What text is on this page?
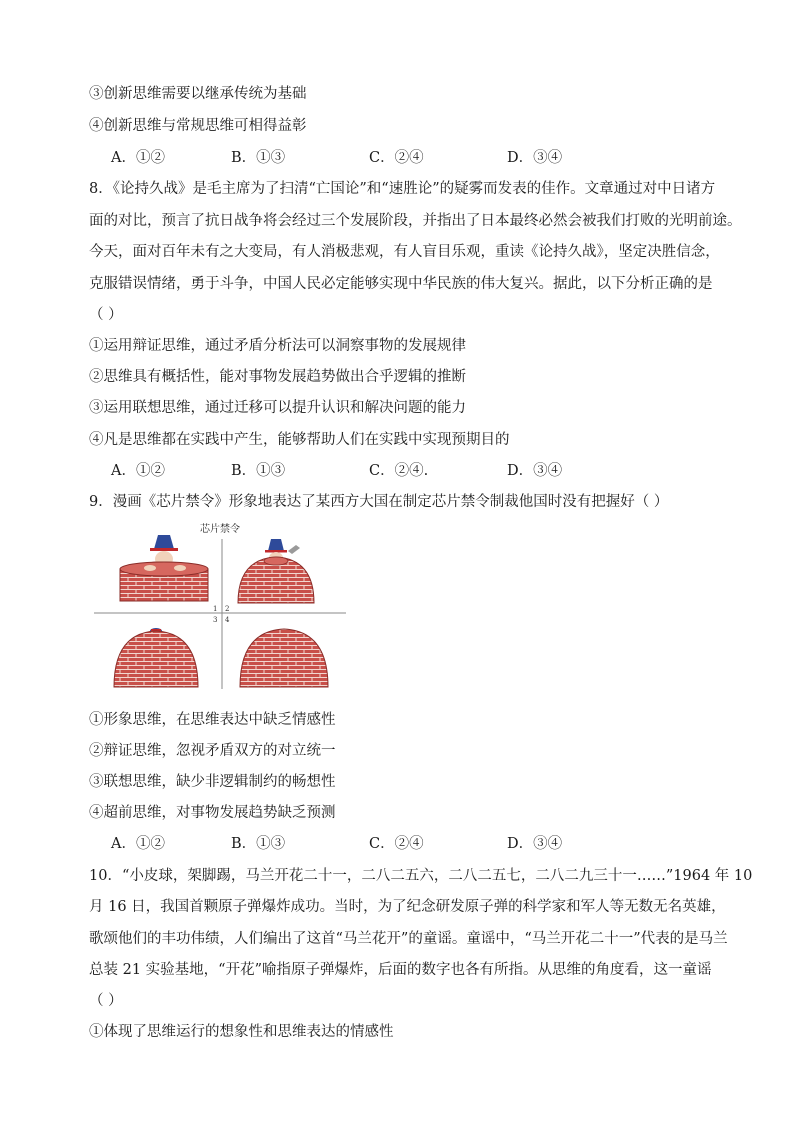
③创新思维需要以继承传统为基础
④创新思维与常规思维可相得益彰
A．①②	B．①③	C．②④	D．③④
8．《论持久战》是毛主席为了扫清“亡国论”和“速胜论”的疑雾而发表的佳作。文章通过对中日诸方
面的对比，预言了抗日战争将会经过三个发展阶段，并指出了日本最终必然会被我们打败的光明前途。
今天，面对百年未有之大变局，有人消极悲观，有人盲目乐观，重读《论持久战》，坚定决胜信念，
克服错误情绪，勇于斗争，中国人民必定能够实现中华民族的伟大复兴。据此，以下分析正确的是
（ ）
①运用辩证思维，通过矛盾分析法可以洞察事物的发展规律
②思维具有概括性，能对事物发展趋势做出合乎逻辑的推断
③运用联想思维，通过迁移可以提升认识和解决问题的能力
④凡是思维都在实践中产生，能够帮助人们在实践中实现预期目的
A．①②	B．①③	C．②④.	D．③④
9．漫画《芯片禁令》形象地表达了某西方大国在制定芯片禁令制裁他国时没有把握好（ ）
芯片禁令
1 2
3 4
①形象思维，在思维表达中缺乏情感性
②辩证思维，忽视矛盾双方的对立统一
③联想思维，缺少非逻辑制约的畅想性
④超前思维，对事物发展趋势缺乏预测
A．①②	B．①③	C．②④	D．③④
10．“小皮球，架脚踢，马兰开花二十一，二八二五六，二八二五七，二八二九三十一……”1964 年 10
月 16 日，我国首颗原子弹爆炸成功。当时，为了纪念研发原子弹的科学家和军人等无数无名英雄，
歌颂他们的丰功伟绩，人们编出了这首“马兰花开”的童谣。童谣中，“马兰开花二十一”代表的是马兰
总装 21 实验基地，“开花”喻指原子弹爆炸，后面的数字也各有所指。从思维的角度看，这一童谣
（ ）
①体现了思维运行的想象性和思维表达的情感性
